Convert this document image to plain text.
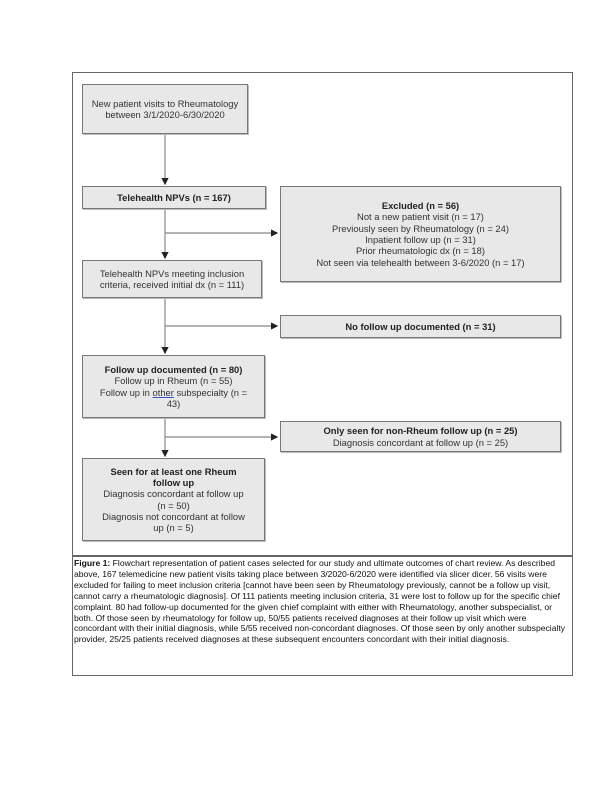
New patient visits to Rheumatology
between 3/1/2020-6/30/2020
Telehealth NPVs (n = 167)
Excluded (n = 56)
Not a new patient visit (n = 17)
Previously seen by Rheumatology (n = 24)
Inpatient follow up (n = 31)
Prior rheumatologic dx (n = 18)
Not seen via telehealth between 3-6/2020 (n = 17)
Telehealth NPVs meeting inclusion
criteria, received initial dx (n = 111)
No follow up documented (n = 31)
Follow up documented (n = 80)
Follow up in Rheum (n = 55)
Follow up in other subspecialty (n =
43)
Only seen for non-Rheum follow up (n = 25)
Diagnosis concordant at follow up (n = 25)
Seen for at least one Rheum
follow up
Diagnosis concordant at follow up
(n = 50)
Diagnosis not concordant at follow
up (n = 5)
Figure 1: Flowchart representation of patient cases selected for our study and ultimate outcomes of chart review. As described above, 167 telemedicine new patient visits taking place between 3/2020-6/2020 were identified via slicer dicer. 56 visits were excluded for failing to meet inclusion criteria [cannot have been seen by Rheumatology previously, cannot be a follow up visit, cannot carry a rheumatologic diagnosis]. Of 111 patients meeting inclusion criteria, 31 were lost to follow up for the specific chief complaint. 80 had follow-up documented for the given chief complaint with either with Rheumatology, another subspecialist, or both. Of those seen by rheumatology for follow up, 50/55 patients received diagnoses at their follow up visit which were concordant with their initial diagnosis, while 5/55 received non-concordant diagnoses. Of those seen by only another subspecialty provider, 25/25 patients received diagnoses at these subsequent encounters concordant with their initial diagnosis.
